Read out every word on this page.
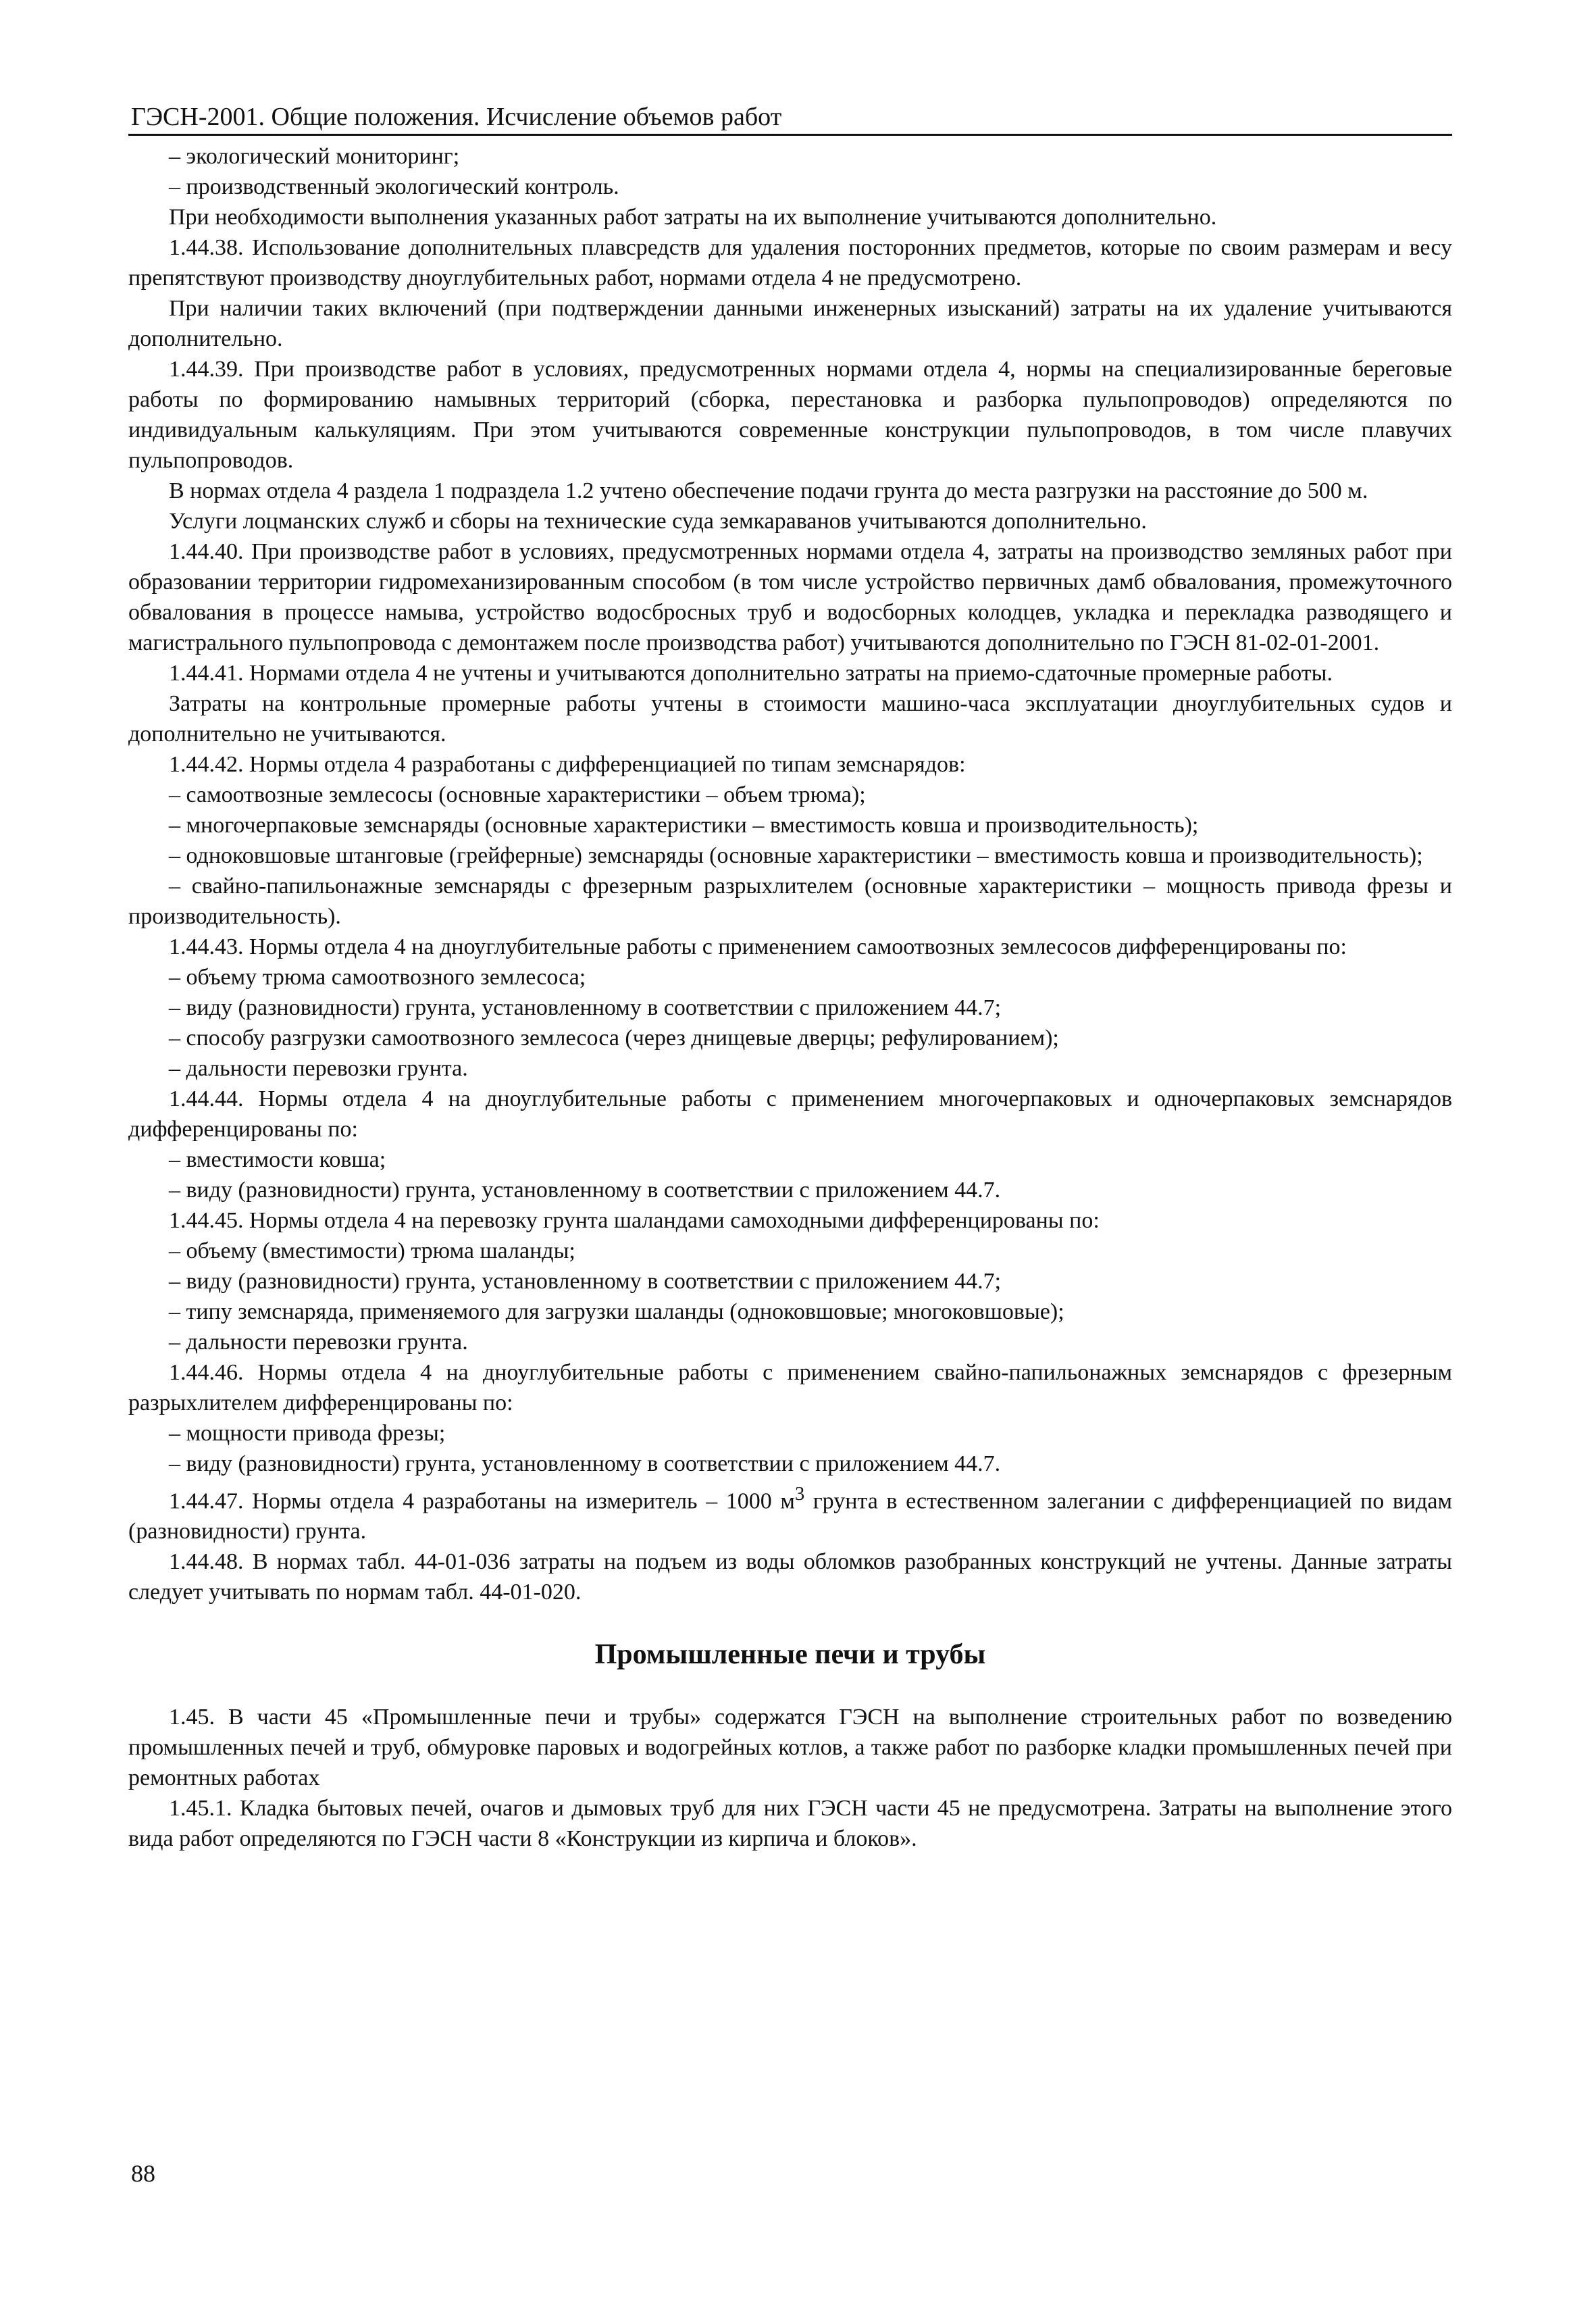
ГЭСН-2001. Общие положения. Исчисление объемов работ

– экологический мониторинг;

– производственный экологический контроль.

При необходимости выполнения указанных работ затраты на их выполнение учитываются дополнительно.

1.44.38. Использование дополнительных плавсредств для удаления посторонних предметов, которые по своим размерам и весу препятствуют производству дноуглубительных работ, нормами отдела 4 не предусмотрено.

При наличии таких включений (при подтверждении данными инженерных изысканий) затраты на их удаление учитываются дополнительно.

1.44.39. При производстве работ в условиях, предусмотренных нормами отдела 4, нормы на специализированные береговые работы по формированию намывных территорий (сборка, перестановка и разборка пульпопроводов) определяются по индивидуальным калькуляциям. При этом учитываются современные конструкции пульпопроводов, в том числе плавучих пульпопроводов.

В нормах отдела 4 раздела 1 подраздела 1.2 учтено обеспечение подачи грунта до места разгрузки на расстояние до 500 м.

Услуги лоцманских служб и сборы на технические суда земкараванов учитываются дополнительно.

1.44.40. При производстве работ в условиях, предусмотренных нормами отдела 4, затраты на производство земляных работ при образовании территории гидромеханизированным способом (в том числе устройство первичных дамб обвалования, промежуточного обвалования в процессе намыва, устройство водосбросных труб и водосборных колодцев, укладка и перекладка разводящего и магистрального пульпопровода с демонтажем после производства работ) учитываются дополнительно по ГЭСН 81-02-01-2001.

1.44.41. Нормами отдела 4 не учтены и учитываются дополнительно затраты на приемо-сдаточные промерные работы.

Затраты на контрольные промерные работы учтены в стоимости машино-часа эксплуатации дноуглубительных судов и дополнительно не учитываются.

1.44.42. Нормы отдела 4 разработаны с дифференциацией по типам земснарядов:

– самоотвозные землесосы (основные характеристики – объем трюма);

– многочерпаковые земснаряды (основные характеристики – вместимость ковша и производительность);

– одноковшовые штанговые (грейферные) земснаряды (основные характеристики – вместимость ковша и производительность);

– свайно-папильонажные земснаряды с фрезерным разрыхлителем (основные характеристики – мощность привода фрезы и производительность).

1.44.43. Нормы отдела 4 на дноуглубительные работы с применением самоотвозных землесосов дифференцированы по:

– объему трюма самоотвозного землесоса;

– виду (разновидности) грунта, установленному в соответствии с приложением 44.7;

– способу разгрузки самоотвозного землесоса (через днищевые дверцы; рефулированием);

– дальности перевозки грунта.

1.44.44. Нормы отдела 4 на дноуглубительные работы с применением многочерпаковых и одночерпаковых земснарядов дифференцированы по:

– вместимости ковша;

– виду (разновидности) грунта, установленному в соответствии с приложением 44.7.

1.44.45. Нормы отдела 4 на перевозку грунта шаландами самоходными дифференцированы по:

– объему (вместимости) трюма шаланды;

– виду (разновидности) грунта, установленному в соответствии с приложением 44.7;

– типу земснаряда, применяемого для загрузки шаланды (одноковшовые; многоковшовые);

– дальности перевозки грунта.

1.44.46. Нормы отдела 4 на дноуглубительные работы с применением свайно-папильонажных земснарядов с фрезерным разрыхлителем дифференцированы по:

– мощности привода фрезы;

– виду (разновидности) грунта, установленному в соответствии с приложением 44.7.

1.44.47. Нормы отдела 4 разработаны на измеритель – 1000 $м^3$ грунта в естественном залегании с дифференциацией по видам (разновидности) грунта.

1.44.48. В нормах табл. 44-01-036 затраты на подъем из воды обломков разобранных конструкций не учтены. Данные затраты следует учитывать по нормам табл. 44-01-020.

Промышленные печи и трубы

1.45. В части 45 «Промышленные печи и трубы» содержатся ГЭСН на выполнение строительных работ по возведению промышленных печей и труб, обмуровке паровых и водогрейных котлов, а также работ по разборке кладки промышленных печей при ремонтных работах

1.45.1. Кладка бытовых печей, очагов и дымовых труб для них ГЭСН части 45 не предусмотрена. Затраты на выполнение этого вида работ определяются по ГЭСН части 8 «Конструкции из кирпича и блоков».

88
